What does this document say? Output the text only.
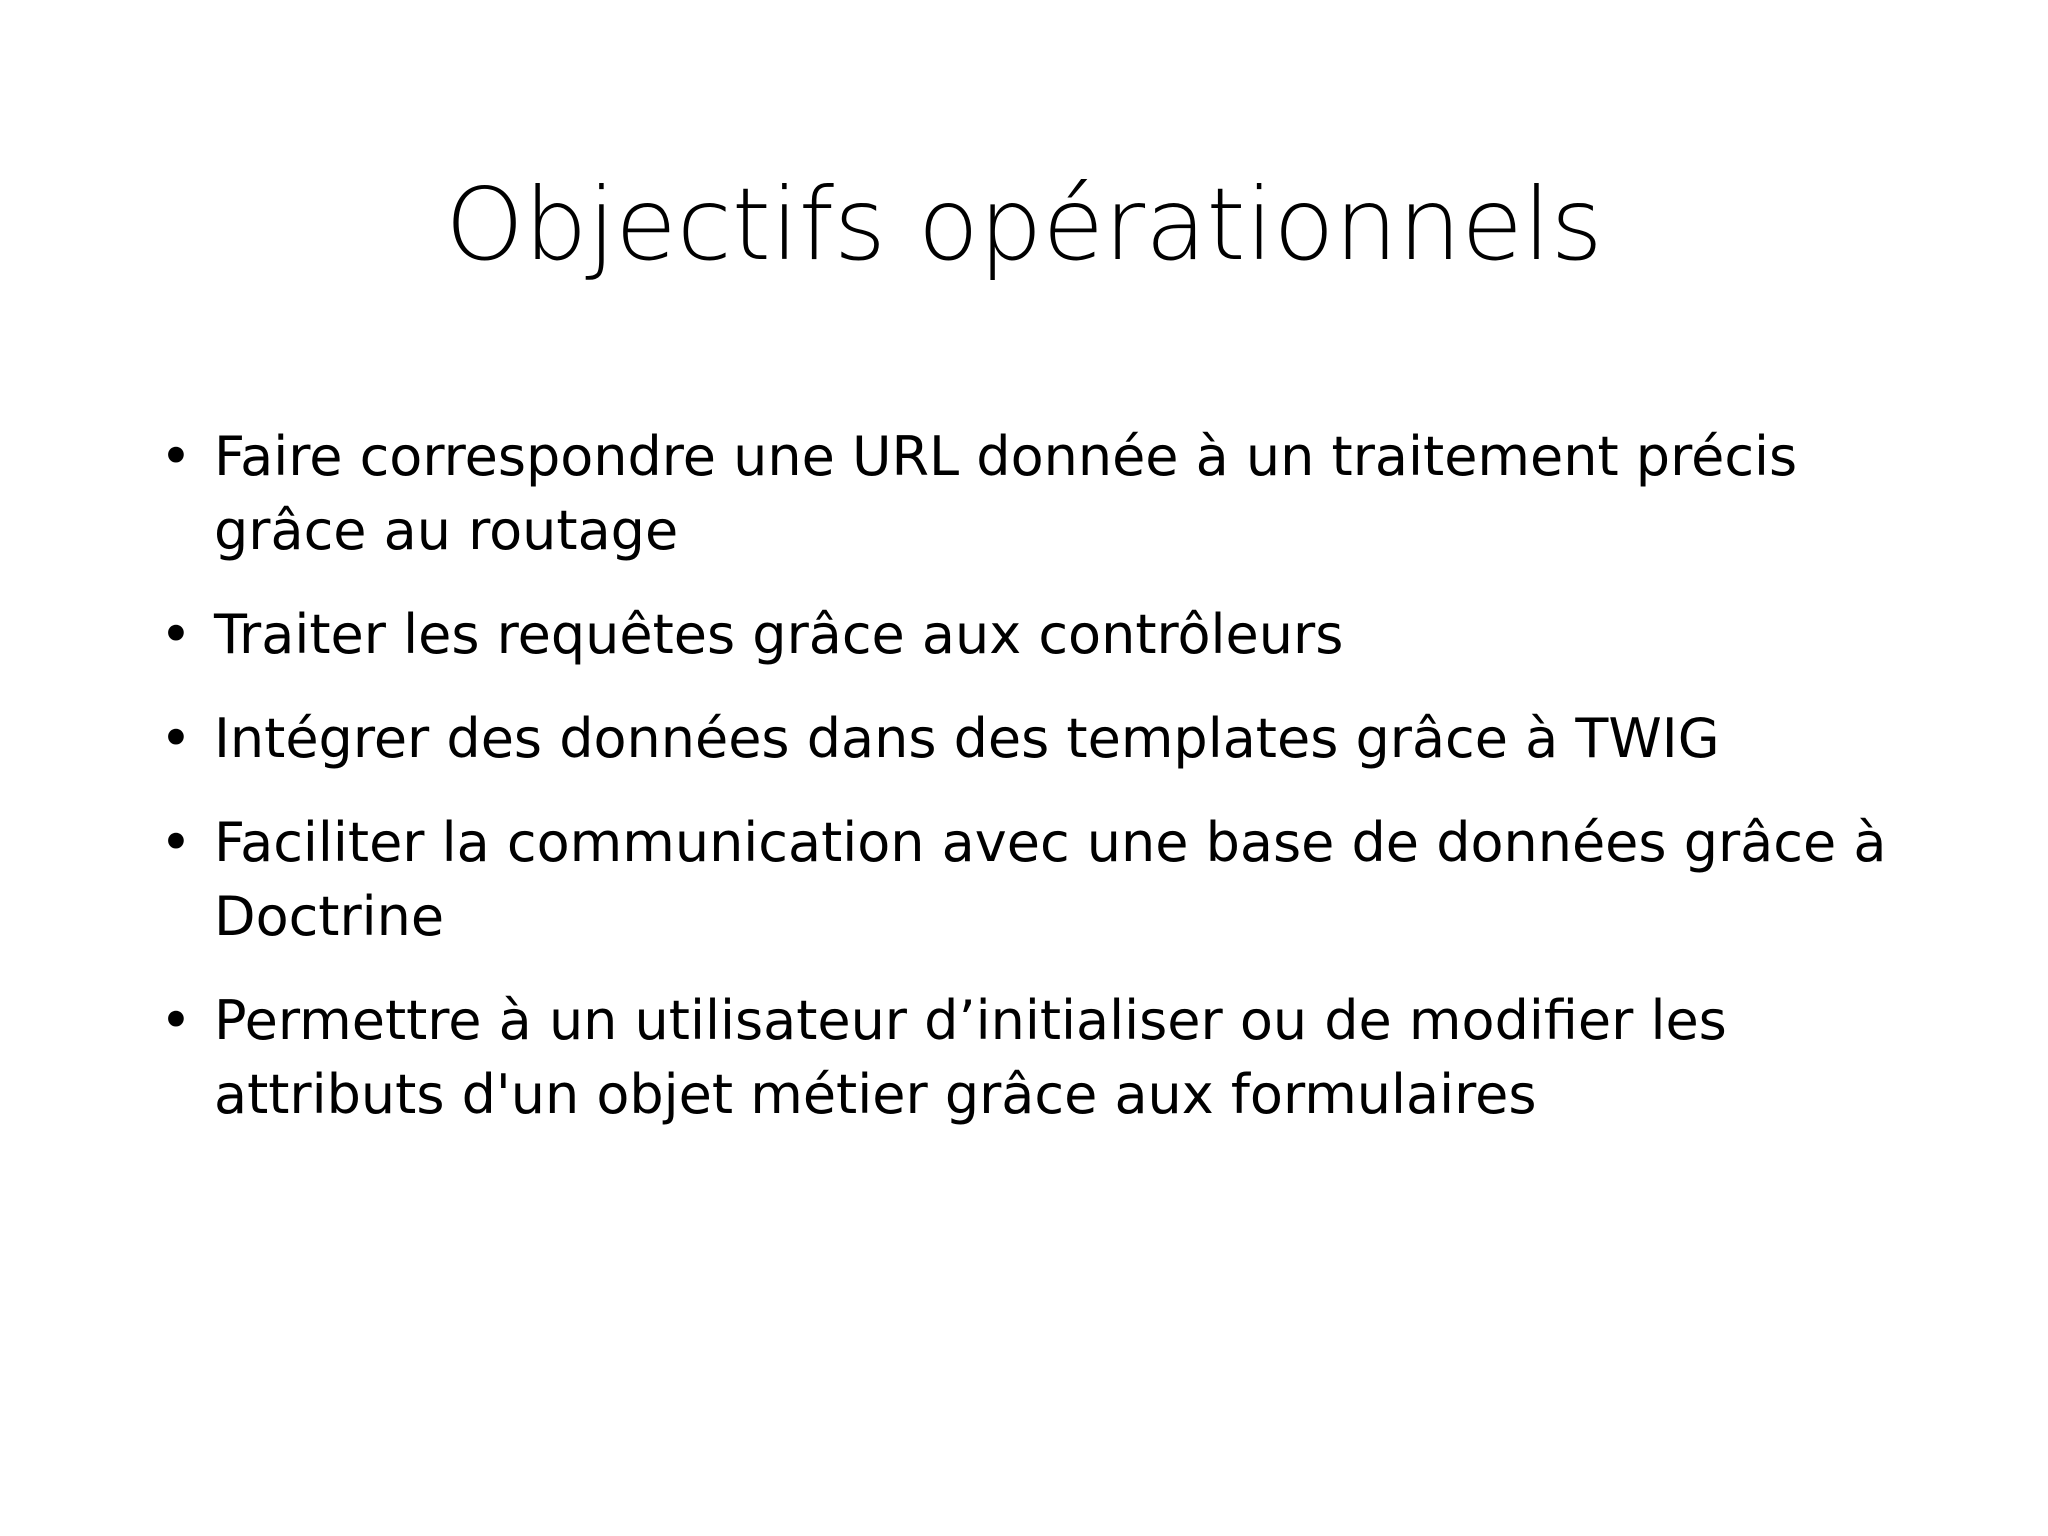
Objectifs opérationnels
• Faire correspondre une URL donnée à un traitement précis grâce au routage
• Traiter les requêtes grâce aux contrôleurs
• Intégrer des données dans des templates grâce à TWIG
• Faciliter la communication avec une base de données grâce à Doctrine
• Permettre à un utilisateur d’initialiser ou de modifier les attributs d'un objet métier grâce aux formulaires
